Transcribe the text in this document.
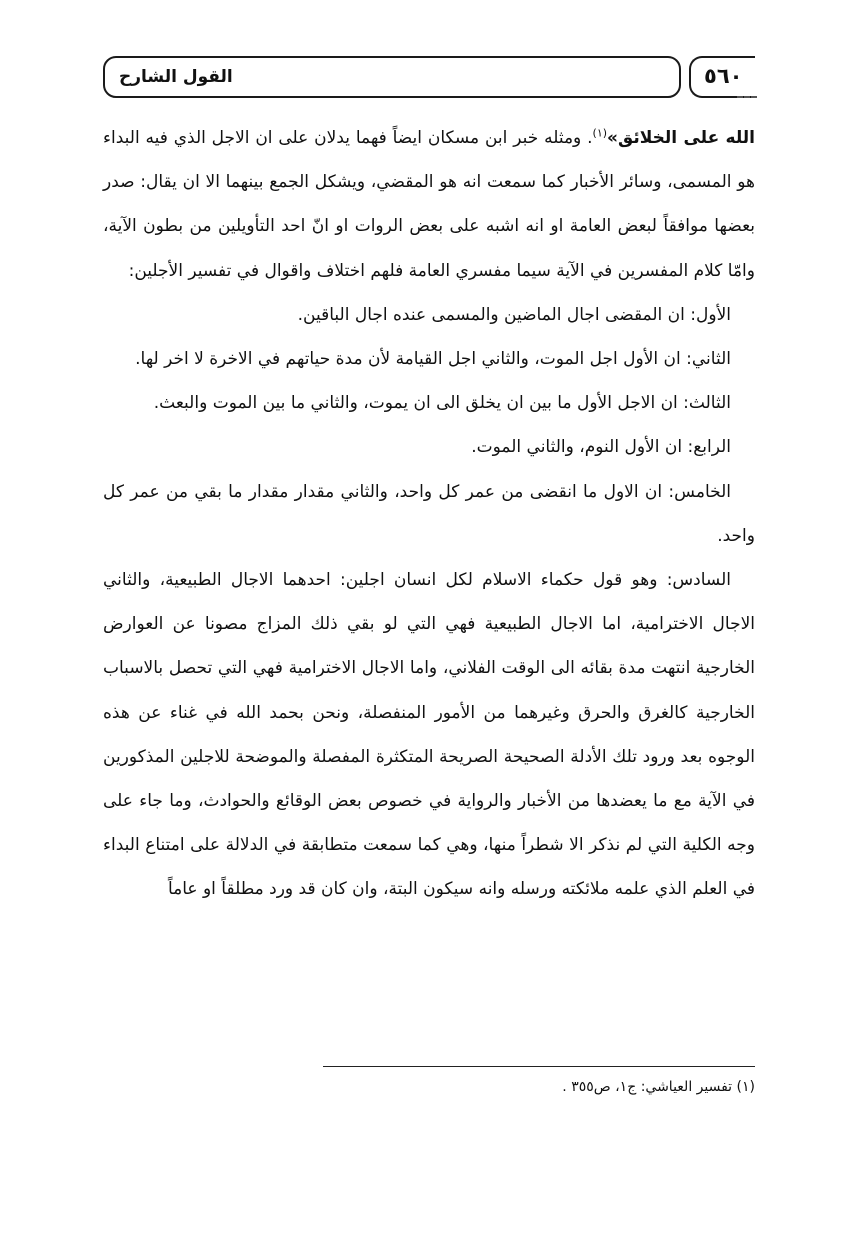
القول الشارح	٥٦٠

الله على الخلائق»$^{(١)}$. ومثله خبر ابن مسكان ايضاً فهما يدلان على ان الاجل الذي فيه البداء هو المسمى، وسائر الأخبار كما سمعت انه هو المقضي، ويشكل الجمع بينهما الا ان يقال: صدر بعضها موافقاً لبعض العامة او انه اشبه على بعض الروات او انّ احد التأويلين من بطون الآية، وامّا كلام المفسرين في الآية سيما مفسري العامة فلهم اختلاف واقوال في تفسير الأجلين:

الأول: ان المقضى اجال الماضين والمسمى عنده اجال الباقين.

الثاني: ان الأول اجل الموت، والثاني اجل القيامة لأن مدة حياتهم في الاخرة لا اخر لها.

الثالث: ان الاجل الأول ما بين ان يخلق الى ان يموت، والثاني ما بين الموت والبعث.

الرابع: ان الأول النوم، والثاني الموت.

الخامس: ان الاول ما انقضى من عمر كل واحد، والثاني مقدار مقدار ما بقي من عمر كل واحد.

السادس: وهو قول حكماء الاسلام لكل انسان اجلين: احدهما الاجال الطبيعية، والثاني الاجال الاخترامية، اما الاجال الطبيعية فهي التي لو بقي ذلك المزاج مصونا عن العوارض الخارجية انتهت مدة بقائه الى الوقت الفلاني، واما الاجال الاخترامية فهي التي تحصل بالاسباب الخارجية كالغرق والحرق وغيرهما من الأمور المنفصلة، ونحن بحمد الله في غناء عن هذه الوجوه بعد ورود تلك الأدلة الصحيحة الصريحة المتكثرة المفصلة والموضحة للاجلين المذكورين في الآية مع ما يعضدها من الأخبار والرواية في خصوص بعض الوقائع والحوادث، وما جاء على وجه الكلية التي لم نذكر الا شطراً منها، وهي كما سمعت متطابقة في الدلالة على امتناع البداء في العلم الذي علمه ملائكته ورسله وانه سيكون البتة، وان كان قد ورد مطلقاً او عاماً

(١) تفسير العياشي: ج١، ص٣٥٥ .
